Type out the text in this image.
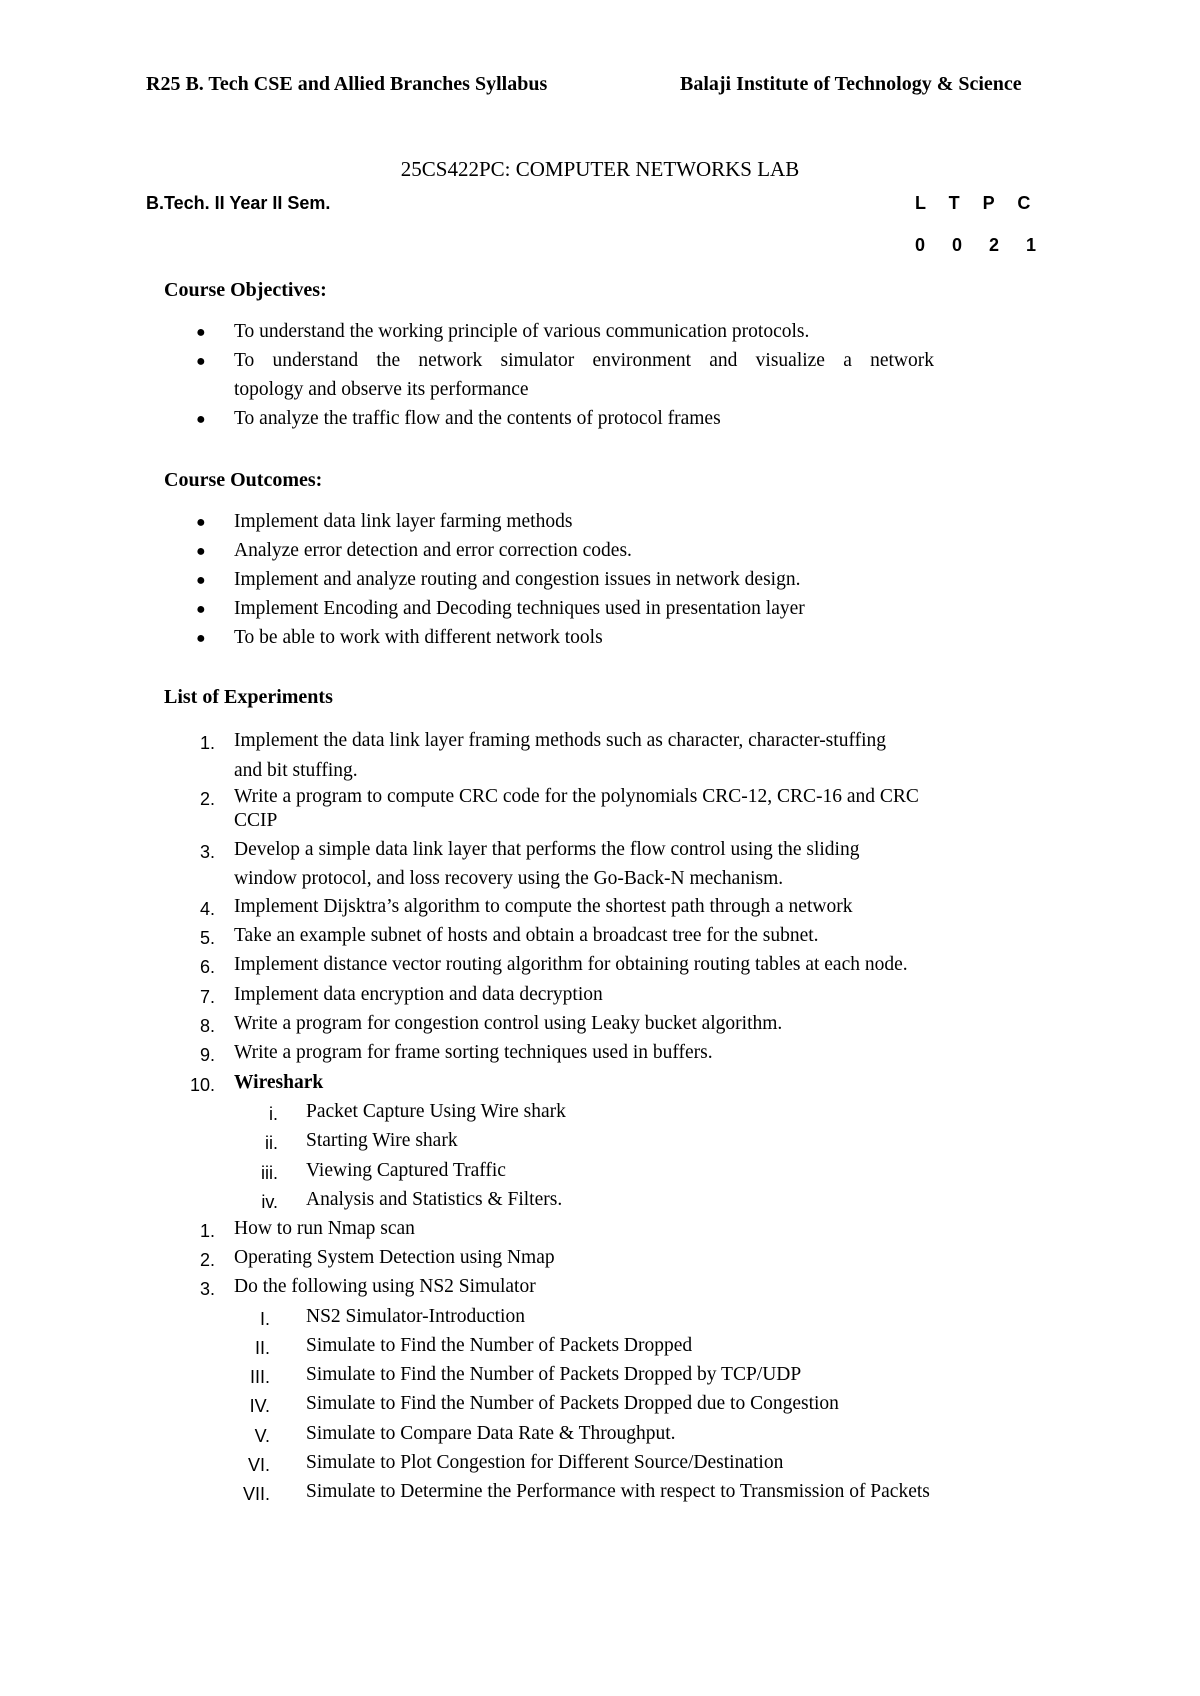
R25 B. Tech CSE and Allied Branches Syllabus	Balaji Institute of Technology & Science
25CS422PC: COMPUTER NETWORKS LAB
B.Tech. II Year II Sem.	L T P C
0 0 2 1
Course Objectives:
● To understand the working principle of various communication protocols.
● To understand the network simulator environment and visualize a network
topology and observe its performance
● To analyze the traffic flow and the contents of protocol frames
Course Outcomes:
● Implement data link layer farming methods
● Analyze error detection and error correction codes.
● Implement and analyze routing and congestion issues in network design.
● Implement Encoding and Decoding techniques used in presentation layer
● To be able to work with different network tools
List of Experiments
1. Implement the data link layer framing methods such as character, character-stuffing
and bit stuffing.
2. Write a program to compute CRC code for the polynomials CRC-12, CRC-16 and CRC
CCIP
3. Develop a simple data link layer that performs the flow control using the sliding
window protocol, and loss recovery using the Go-Back-N mechanism.
4. Implement Dijsktra’s algorithm to compute the shortest path through a network
5. Take an example subnet of hosts and obtain a broadcast tree for the subnet.
6. Implement distance vector routing algorithm for obtaining routing tables at each node.
7. Implement data encryption and data decryption
8. Write a program for congestion control using Leaky bucket algorithm.
9. Write a program for frame sorting techniques used in buffers.
10. Wireshark
i. Packet Capture Using Wire shark
ii. Starting Wire shark
iii. Viewing Captured Traffic
iv. Analysis and Statistics & Filters.
1. How to run Nmap scan
2. Operating System Detection using Nmap
3. Do the following using NS2 Simulator
I. NS2 Simulator-Introduction
II. Simulate to Find the Number of Packets Dropped
III. Simulate to Find the Number of Packets Dropped by TCP/UDP
IV. Simulate to Find the Number of Packets Dropped due to Congestion
V. Simulate to Compare Data Rate & Throughput.
VI. Simulate to Plot Congestion for Different Source/Destination
VII. Simulate to Determine the Performance with respect to Transmission of Packets
